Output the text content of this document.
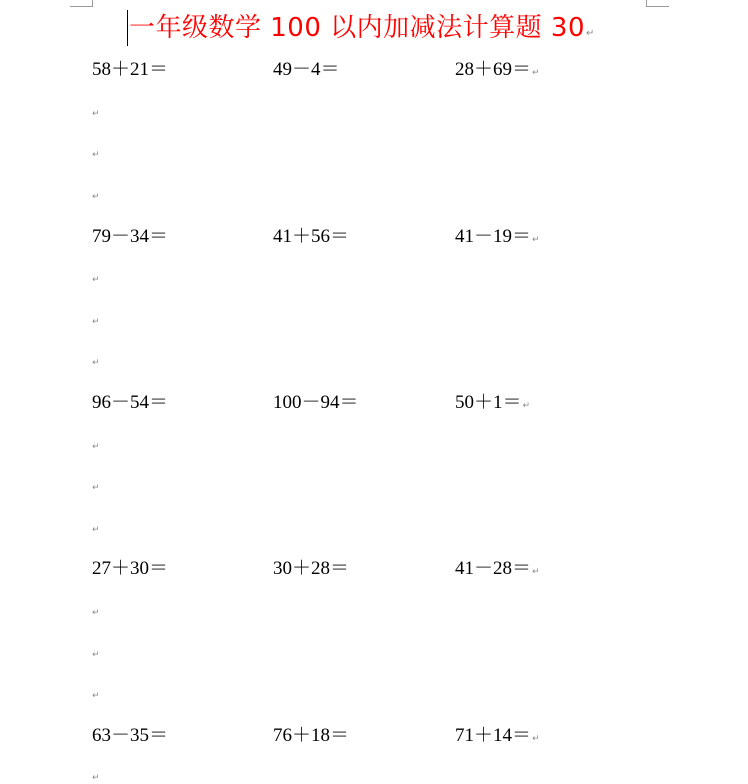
一年级数学 100 以内加减法计算题 30↵
58＋21＝	49－4＝	28＋69＝↵
↵
↵
↵
79－34＝	41＋56＝	41－19＝↵
↵
↵
↵
96－54＝	100－94＝	50＋1＝↵
↵
↵
↵
27＋30＝	30＋28＝	41－28＝↵
↵
↵
↵
63－35＝	76＋18＝	71＋14＝↵
↵
